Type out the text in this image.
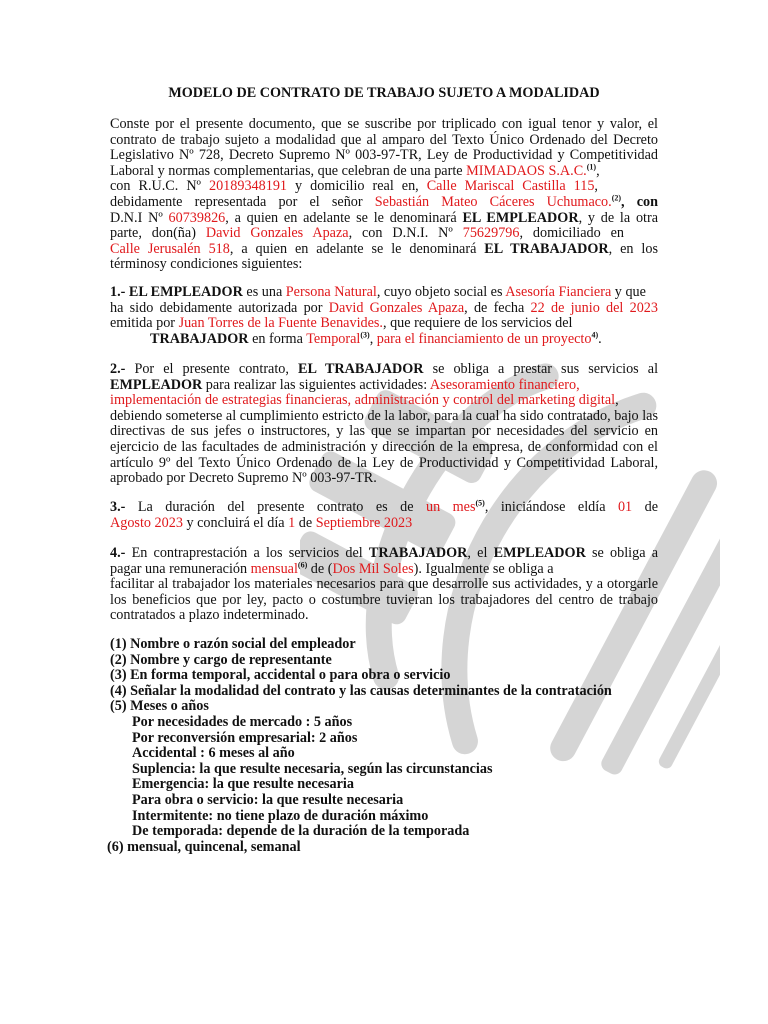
MODELO DE CONTRATO DE TRABAJO SUJETO A MODALIDAD
Conste por el presente documento, que se suscribe por triplicado con igual tenor y valor, el
contrato de trabajo sujeto a modalidad que al amparo del Texto Único Ordenado del Decreto
Legislativo Nº 728, Decreto Supremo Nº 003-97-TR, Ley de Productividad y Competitividad
Laboral y normas complementarias, que celebran de una parte MIMADAOS S.A.C.$^{(1)}$,
con R.U.C. Nº 20189348191 y domicilio real en, Calle Mariscal Castilla 115,
debidamente representada por el señor Sebastián Mateo Cáceres Uchumaco.$^{(2)}$, con
D.N.I Nº 60739826, a quien en adelante se le denominará EL EMPLEADOR, y de la otra
parte, don(ña) David Gonzales Apaza, con D.N.I. Nº 75629796, domiciliado en
Calle Jerusalén 518, a quien en adelante se le denominará EL TRABAJADOR, en los
términosy condiciones siguientes:
1.- EL EMPLEADOR es una Persona Natural, cuyo objeto social es Asesoría Fianciera y que
ha sido debidamente autorizada por David Gonzales Apaza, de fecha 22 de junio del 2023
emitida por Juan Torres de la Fuente Benavides., que requiere de los servicios del
TRABAJADOR en forma Temporal$^{(3)}$, para el financiamiento de un proyecto$^{4)}$.
2.- Por el presente contrato, EL TRABAJADOR se obliga a prestar sus servicios al
EMPLEADOR para realizar las siguientes actividades: Asesoramiento financiero,
implementación de estrategias financieras, administración y control del marketing digital,
debiendo someterse al cumplimiento estricto de la labor, para la cual ha sido contratado, bajo las
directivas de sus jefes o instructores, y las que se impartan por necesidades del servicio en
ejercicio de las facultades de administración y dirección de la empresa, de conformidad con el
artículo 9º del Texto Único Ordenado de la Ley de Productividad y Competitividad Laboral,
aprobado por Decreto Supremo Nº 003-97-TR.
3.- La duración del presente contrato es de un mes$^{(5)}$, iniciándose eldía 01 de
Agosto 2023 y concluirá el día 1 de Septiembre 2023
4.- En contraprestación a los servicios del TRABAJADOR, el EMPLEADOR se obliga a
pagar una remuneración mensual$^{(6)}$ de (Dos Mil Soles). Igualmente se obliga a
facilitar al trabajador los materiales necesarios para que desarrolle sus actividades, y a otorgarle
los beneficios que por ley, pacto o costumbre tuvieran los trabajadores del centro de trabajo
contratados a plazo indeterminado.
(1) Nombre o razón social del empleador
(2) Nombre y cargo de representante
(3) En forma temporal, accidental o para obra o servicio
(4) Señalar la modalidad del contrato y las causas determinantes de la contratación
(5) Meses o años
Por necesidades de mercado : 5 años
Por reconversión empresarial: 2 años
Accidental : 6 meses al año
Suplencia: la que resulte necesaria, según las circunstancias
Emergencia: la que resulte necesaria
Para obra o servicio: la que resulte necesaria
Intermitente: no tiene plazo de duración máximo
De temporada: depende de la duración de la temporada
(6) mensual, quincenal, semanal
